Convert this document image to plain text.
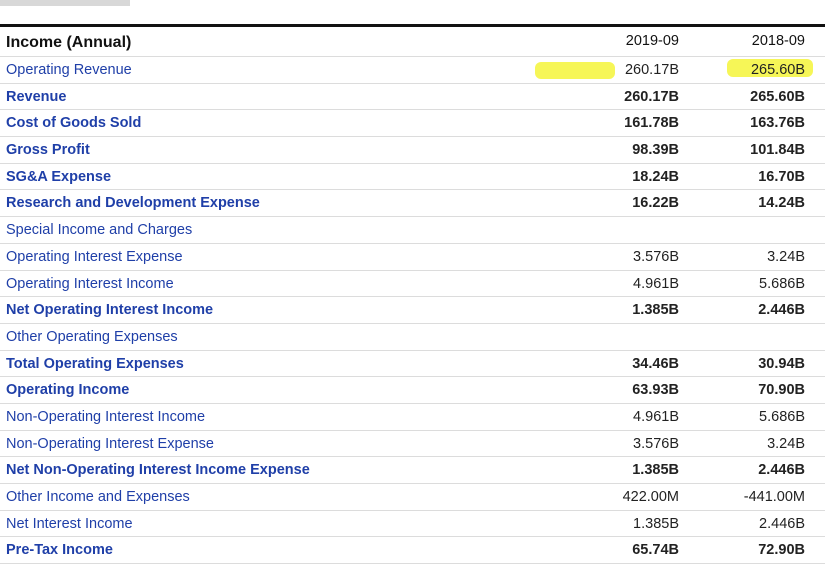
Income (Annual)	2019-09	2018-09
Operating Revenue	260.17B	265.60B
Revenue	260.17B	265.60B
Cost of Goods Sold	161.78B	163.76B
Gross Profit	98.39B	101.84B
SG&A Expense	18.24B	16.70B
Research and Development Expense	16.22B	14.24B
Special Income and Charges
Operating Interest Expense	3.576B	3.24B
Operating Interest Income	4.961B	5.686B
Net Operating Interest Income	1.385B	2.446B
Other Operating Expenses
Total Operating Expenses	34.46B	30.94B
Operating Income	63.93B	70.90B
Non-Operating Interest Income	4.961B	5.686B
Non-Operating Interest Expense	3.576B	3.24B
Net Non-Operating Interest Income Expense	1.385B	2.446B
Other Income and Expenses	422.00M	-441.00M
Net Interest Income	1.385B	2.446B
Pre-Tax Income	65.74B	72.90B
